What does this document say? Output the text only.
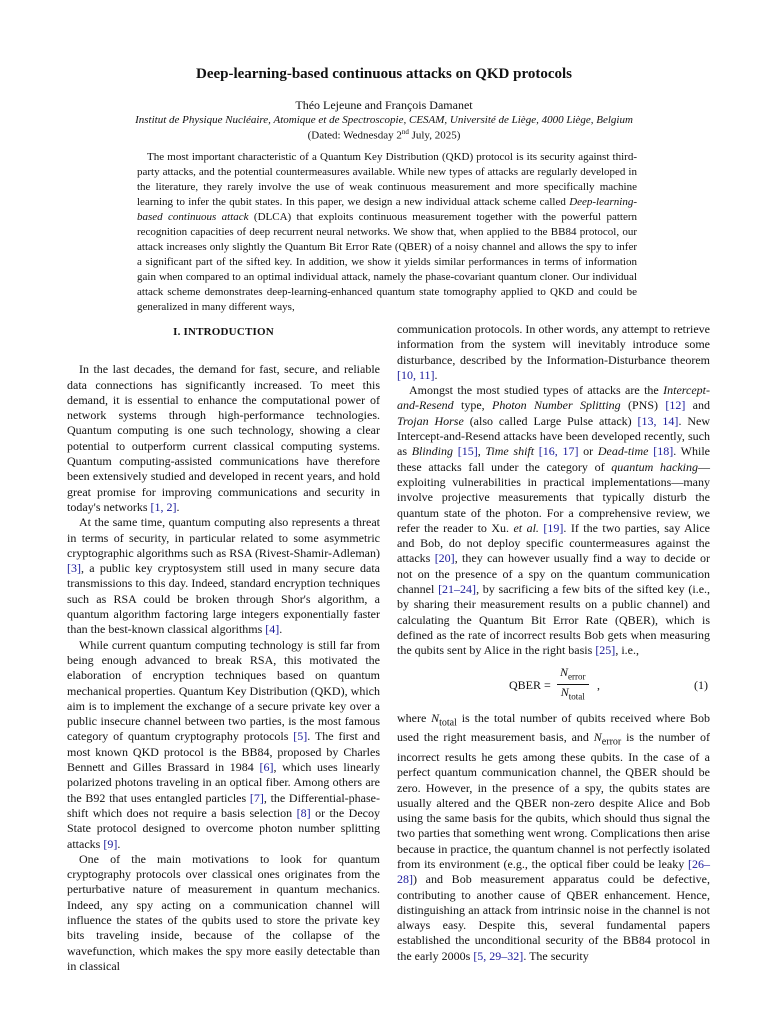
Deep-learning-based continuous attacks on QKD protocols
Théo Lejeune and François Damanet
Institut de Physique Nucléaire, Atomique et de Spectroscopie, CESAM, Université de Liège, 4000 Liège, Belgium
(Dated: Wednesday 2nd July, 2025)
The most important characteristic of a Quantum Key Distribution (QKD) protocol is its security against third-party attacks, and the potential countermeasures available. While new types of attacks are regularly developed in the literature, they rarely involve the use of weak continuous measurement and more specifically machine learning to infer the qubit states. In this paper, we design a new individual attack scheme called Deep-learning-based continuous attack (DLCA) that exploits continuous measurement together with the powerful pattern recognition capacities of deep recurrent neural networks. We show that, when applied to the BB84 protocol, our attack increases only slightly the Quantum Bit Error Rate (QBER) of a noisy channel and allows the spy to infer a significant part of the sifted key. In addition, we show it yields similar performances in terms of information gain when compared to an optimal individual attack, namely the phase-covariant quantum cloner. Our individual attack scheme demonstrates deep-learning-enhanced quantum state tomography applied to QKD and could be generalized in many different ways,
I. INTRODUCTION

In the last decades, the demand for fast, secure, and reliable data connections has significantly increased. To meet this demand, it is essential to enhance the computational power of network systems through high-performance technologies. Quantum computing is one such technology, showing a clear potential to outperform current classical computing systems. Quantum computing-assisted communications have therefore been extensively studied and developed in recent years, and hold great promise for improving communications and security in today's networks [1, 2].

At the same time, quantum computing also represents a threat in terms of security, in particular related to some asymmetric cryptographic algorithms such as RSA (Rivest-Shamir-Adleman) [3], a public key cryptosystem still used in many secure data transmissions to this day. Indeed, standard encryption techniques such as RSA could be broken through Shor's algorithm, a quantum algorithm factoring large integers exponentially faster than the best-known classical algorithms [4].

While current quantum computing technology is still far from being enough advanced to break RSA, this motivated the elaboration of encryption techniques based on quantum mechanical properties. Quantum Key Distribution (QKD), which aim is to implement the exchange of a secure private key over a public insecure channel between two parties, is the most famous category of quantum cryptography protocols [5]. The first and most known QKD protocol is the BB84, proposed by Charles Bennett and Gilles Brassard in 1984 [6], which uses linearly polarized photons traveling in an optical fiber. Among others are the B92 that uses entangled particles [7], the Differential-phase-shift which does not require a basis selection [8] or the Decoy State protocol designed to overcome photon number splitting attacks [9].

One of the main motivations to look for quantum cryptography protocols over classical ones originates from the perturbative nature of measurement in quantum mechanics. Indeed, any spy acting on a communication channel will influence the states of the qubits used to store the private key bits traveling inside, because of the collapse of the wavefunction, which makes the spy more easily detectable than in classical

communication protocols. In other words, any attempt to retrieve information from the system will inevitably introduce some disturbance, described by the Information-Disturbance theorem [10, 11].

Amongst the most studied types of attacks are the Intercept-and-Resend type, Photon Number Splitting (PNS) [12] and Trojan Horse (also called Large Pulse attack) [13, 14]. New Intercept-and-Resend attacks have been developed recently, such as Blinding [15], Time shift [16, 17] or Dead-time [18]. While these attacks fall under the category of quantum hacking—exploiting vulnerabilities in practical implementations—many involve projective measurements that typically disturb the quantum state of the photon. For a comprehensive review, we refer the reader to Xu. et al. [19]. If the two parties, say Alice and Bob, do not deploy specific countermeasures against the attacks [20], they can however usually find a way to decide or not on the presence of a spy on the quantum communication channel [21–24], by sacrificing a few bits of the sifted key (i.e., by sharing their measurement results on a public channel) and calculating the Quantum Bit Error Rate (QBER), which is defined as the rate of incorrect results Bob gets when measuring the qubits sent by Alice in the right basis [25], i.e.,

QBER =
$N_{error}$
$N_{total}$
,	(1)

where $N_{total}$ is the total number of qubits received where Bob used the right measurement basis, and $N_{error}$ is the number of incorrect results he gets among these qubits. In the case of a perfect quantum communication channel, the QBER should be zero. However, in the presence of a spy, the qubits states are usually altered and the QBER non-zero despite Alice and Bob using the same basis for the qubits, which should thus signal the two parties that something went wrong. Complications then arise because in practice, the quantum channel is not perfectly isolated from its environment (e.g., the optical fiber could be leaky [26–28]) and Bob measurement apparatus could be defective, contributing to another cause of QBER enhancement. Hence, distinguishing an attack from intrinsic noise in the channel is not always easy. Despite this, several fundamental papers established the unconditional security of the BB84 protocol in the early 2000s [5, 29–32]. The security
